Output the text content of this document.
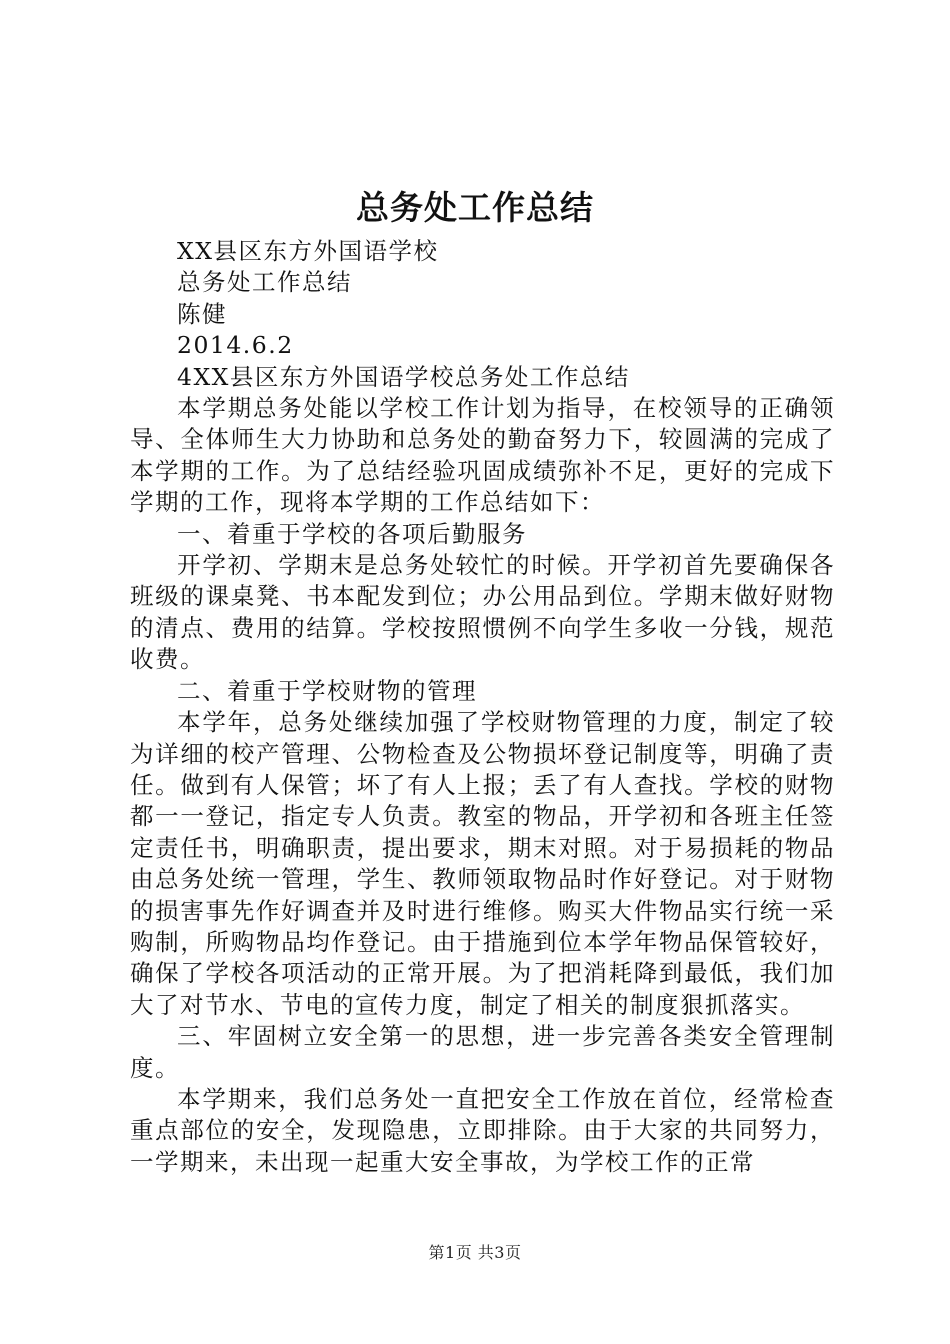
总务处工作总结

XX县区东方外国语学校

总务处工作总结

陈健

2014.6.2

4XX县区东方外国语学校总务处工作总结

本学期总务处能以学校工作计划为指导，在校领导的正确领导、全体师生大力协助和总务处的勤奋努力下，较圆满的完成了本学期的工作。为了总结经验巩固成绩弥补不足，更好的完成下学期的工作，现将本学期的工作总结如下：

一、着重于学校的各项后勤服务

开学初、学期末是总务处较忙的时候。开学初首先要确保各班级的课桌凳、书本配发到位；办公用品到位。学期末做好财物的清点、费用的结算。学校按照惯例不向学生多收一分钱，规范收费。

二、着重于学校财物的管理

本学年，总务处继续加强了学校财物管理的力度，制定了较为详细的校产管理、公物检查及公物损坏登记制度等，明确了责任。做到有人保管；坏了有人上报；丢了有人查找。学校的财物都一一登记，指定专人负责。教室的物品，开学初和各班主任签定责任书，明确职责，提出要求，期末对照。对于易损耗的物品由总务处统一管理，学生、教师领取物品时作好登记。对于财物的损害事先作好调查并及时进行维修。购买大件物品实行统一采购制，所购物品均作登记。由于措施到位本学年物品保管较好，确保了学校各项活动的正常开展。为了把消耗降到最低，我们加大了对节水、节电的宣传力度，制定了相关的制度狠抓落实。

三、牢固树立安全第一的思想，进一步完善各类安全管理制度。

本学期来，我们总务处一直把安全工作放在首位，经常检查重点部位的安全，发现隐患，立即排除。由于大家的共同努力，一学期来，未出现一起重大安全事故，为学校工作的正常

第1页 共3页
